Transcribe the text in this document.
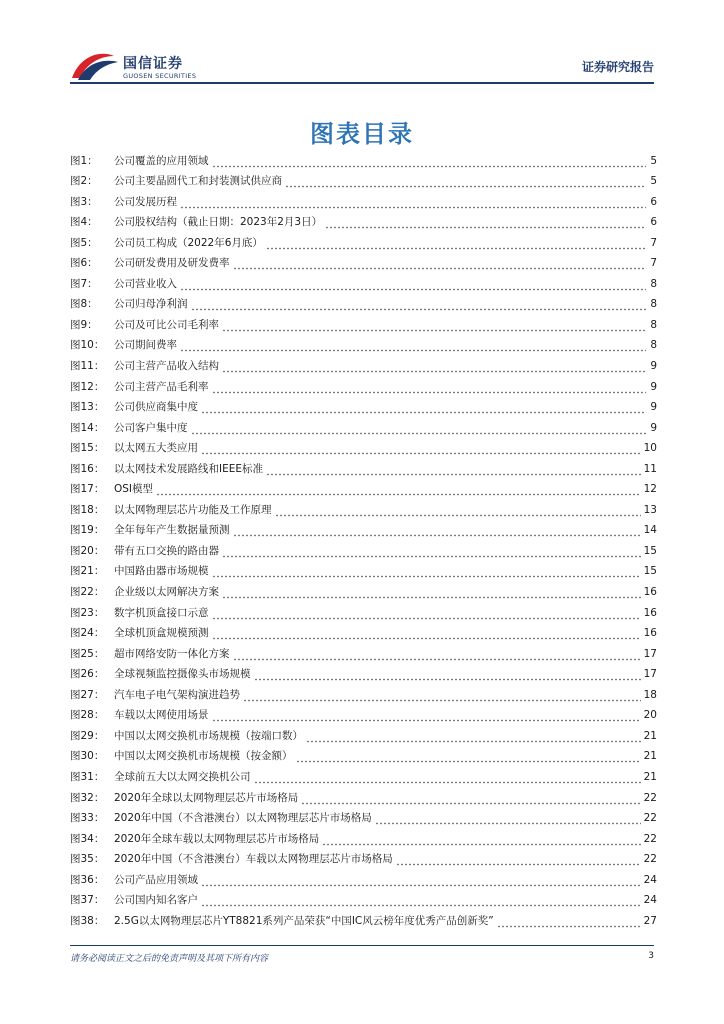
国信证券
GUOSEN SECURITIES
证券研究报告
图表目录
图1：	公司覆盖的应用领域	5
图2：	公司主要晶圆代工和封装测试供应商	5
图3：	公司发展历程	6
图4：	公司股权结构（截止日期：2023年2月3日）	6
图5：	公司员工构成（2022年6月底）	7
图6：	公司研发费用及研发费率	7
图7：	公司营业收入	8
图8：	公司归母净利润	8
图9：	公司及可比公司毛利率	8
图10： 公司期间费率	8
图11： 公司主营产品收入结构	9
图12： 公司主营产品毛利率	9
图13： 公司供应商集中度	9
图14： 公司客户集中度	9
图15： 以太网五大类应用	10
图16： 以太网技术发展路线和IEEE标准	11
图17： OSI模型	12
图18： 以太网物理层芯片功能及工作原理	13
图19： 全年每年产生数据量预测	14
图20： 带有五口交换的路由器	15
图21： 中国路由器市场规模	15
图22： 企业级以太网解决方案	16
图23： 数字机顶盒接口示意	16
图24： 全球机顶盒规模预测	16
图25： 超市网络安防一体化方案	17
图26： 全球视频监控摄像头市场规模	17
图27： 汽车电子电气架构演进趋势	18
图28： 车载以太网使用场景	20
图29： 中国以太网交换机市场规模（按端口数）	21
图30： 中国以太网交换机市场规模（按金额）	21
图31： 全球前五大以太网交换机公司	21
图32： 2020年全球以太网物理层芯片市场格局	22
图33： 2020年中国（不含港澳台）以太网物理层芯片市场格局	22
图34： 2020年全球车载以太网物理层芯片市场格局	22
图35： 2020年中国（不含港澳台）车载以太网物理层芯片市场格局	22
图36： 公司产品应用领域	24
图37： 公司国内知名客户	24
图38： 2.5G以太网物理层芯片YT8821系列产品荣获“中国IC风云榜年度优秀产品创新奖”	27
请务必阅读正文之后的免责声明及其项下所有内容	3
